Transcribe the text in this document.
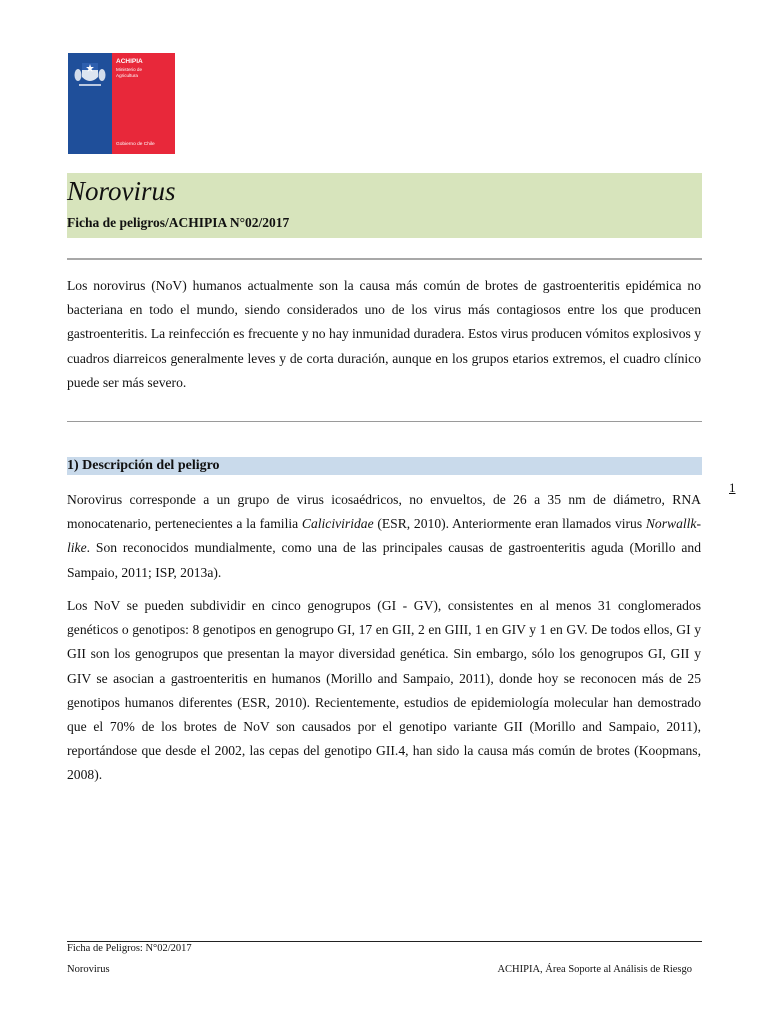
ACHIPIA
Ministerio de Agricultura
Gobierno de Chile
Norovirus
Ficha de peligros/ACHIPIA N°02/2017

Los norovirus (NoV) humanos actualmente son la causa más común de brotes de gastroenteritis epidémica no bacteriana en todo el mundo, siendo considerados uno de los virus más contagiosos entre los que producen gastroenteritis. La reinfección es frecuente y no hay inmunidad duradera. Estos virus producen vómitos explosivos y cuadros diarreicos generalmente leves y de corta duración, aunque en los grupos etarios extremos, el cuadro clínico puede ser más severo.

1) Descripción del peligro
1

Norovirus corresponde a un grupo de virus icosaédricos, no envueltos, de 26 a 35 nm de diámetro, RNA monocatenario, pertenecientes a la familia Caliciviridae (ESR, 2010). Anteriormente eran llamados virus Norwallk-like. Son reconocidos mundialmente, como una de las principales causas de gastroenteritis aguda (Morillo and Sampaio, 2011; ISP, 2013a).

Los NoV se pueden subdividir en cinco genogrupos (GI - GV), consistentes en al menos 31 conglomerados genéticos o genotipos: 8 genotipos en genogrupo GI, 17 en GII, 2 en GIII, 1 en GIV y 1 en GV. De todos ellos, GI y GII son los genogrupos que presentan la mayor diversidad genética. Sin embargo, sólo los genogrupos GI, GII y GIV se asocian a gastroenteritis en humanos (Morillo and Sampaio, 2011), donde hoy se reconocen más de 25 genotipos humanos diferentes (ESR, 2010). Recientemente, estudios de epidemiología molecular han demostrado que el 70% de los brotes de NoV son causados por el genotipo variante GII (Morillo and Sampaio, 2011), reportándose que desde el 2002, las cepas del genotipo GII.4, han sido la causa más común de brotes (Koopmans, 2008).

Ficha de Peligros: N°02/2017
Norovirus	ACHIPIA, Área Soporte al Análisis de Riesgo
